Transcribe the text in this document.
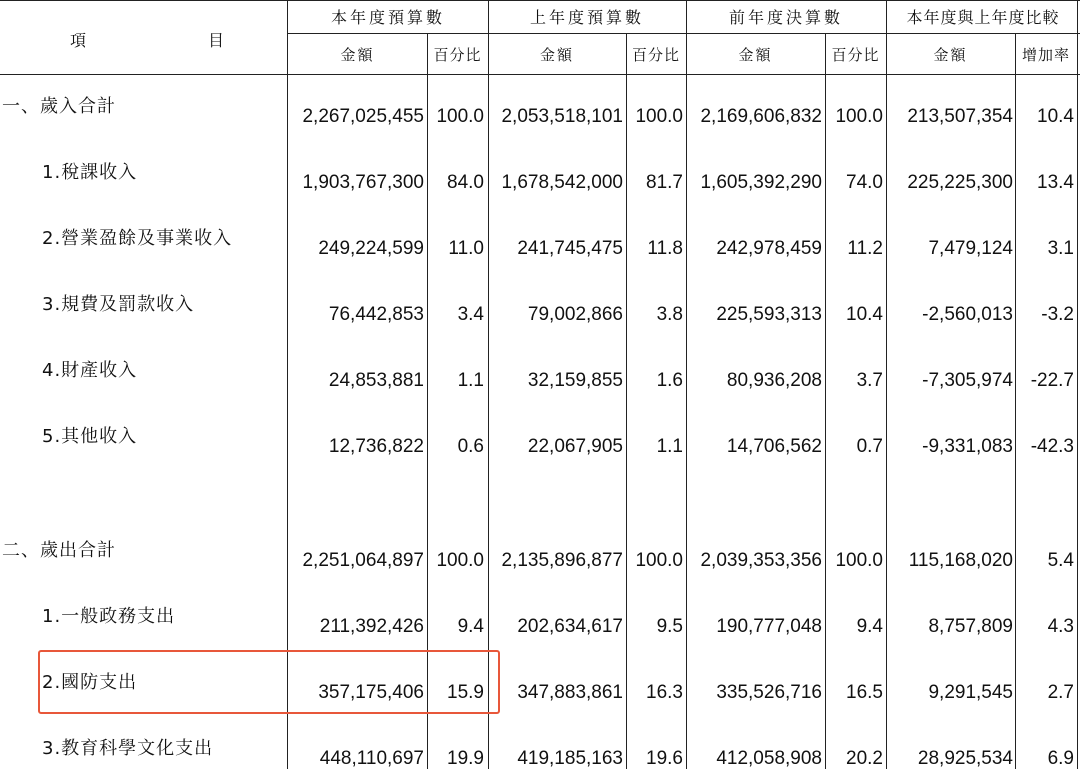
項	目
本年度預算數	上年度預算數	前年度決算數	本年度與上年度比較
金額	百分比	金額	百分比	金額	百分比	金額	增加率
一、歲入合計	2,267,025,455 100.0 2,053,518,101 100.0 2,169,606,832 100.0 213,507,354 10.4
1.稅課收入	1,903,767,300 84.0 1,678,542,000 81.7 1,605,392,290 74.0 225,225,300 13.4
2.營業盈餘及事業收入	249,224,599 11.0 241,745,475 11.8 242,978,459 11.2 7,479,124 3.1
3.規費及罰款收入	76,442,853 3.4 79,002,866 3.8 225,593,313 10.4 -2,560,013 -3.2
4.財產收入	24,853,881 1.1 32,159,855 1.6 80,936,208 3.7 -7,305,974 -22.7
5.其他收入	12,736,822 0.6 22,067,905 1.1 14,706,562 0.7 -9,331,083 -42.3
二、歲出合計	2,251,064,897 100.0 2,135,896,877 100.0 2,039,353,356 100.0 115,168,020 5.4
1.一般政務支出	211,392,426 9.4 202,634,617 9.5 190,777,048 9.4 8,757,809 4.3
2.國防支出	357,175,406 15.9 347,883,861 16.3 335,526,716 16.5 9,291,545 2.7
3.教育科學文化支出	448,110,697 19.9 419,185,163 19.6 412,058,908 20.2 28,925,534 6.9
